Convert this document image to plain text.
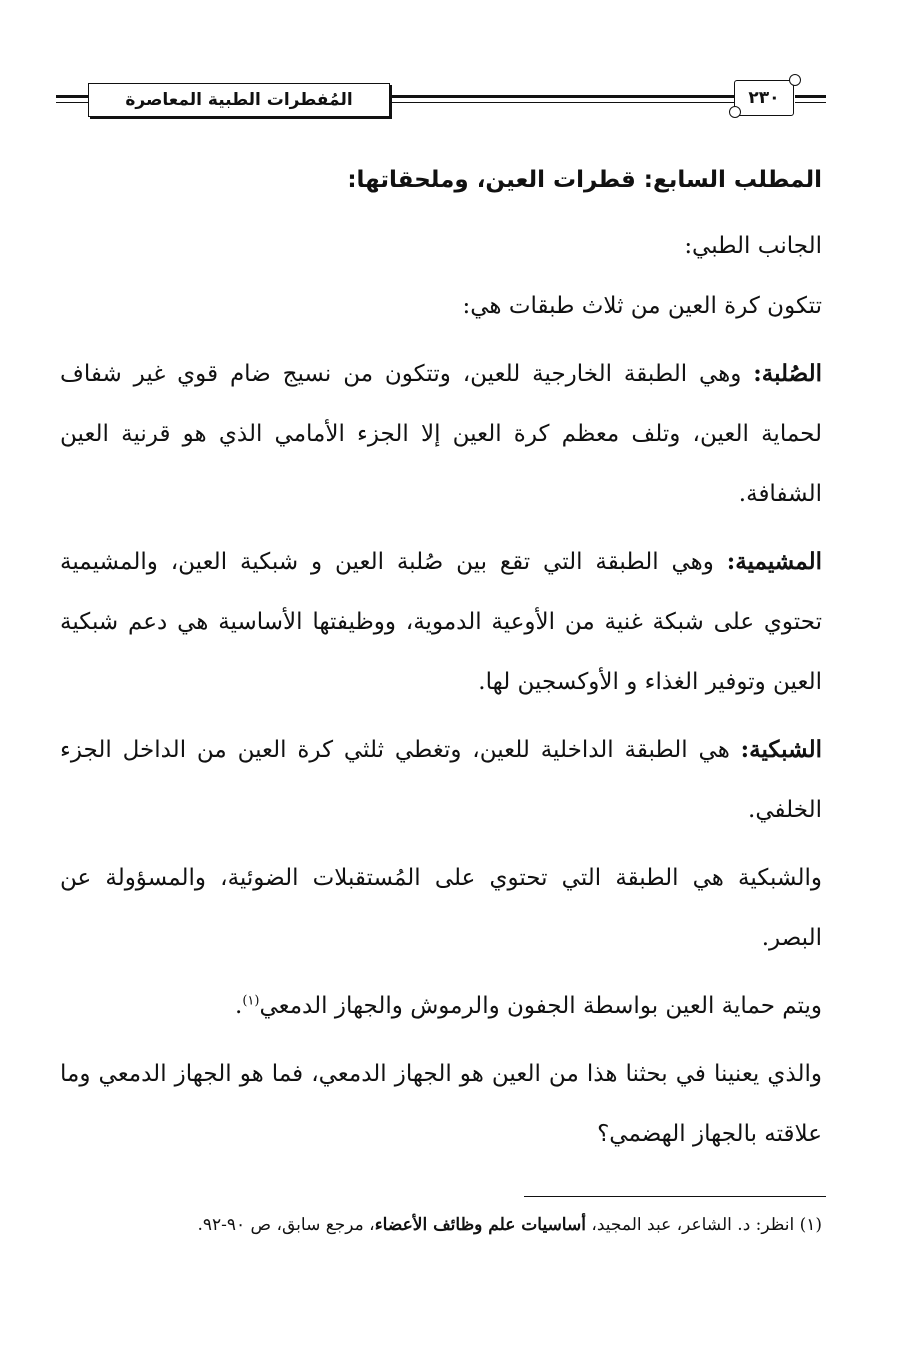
المُفطرات الطبية المعاصرة	٢٣٠
المطلب السابع: قطرات العين، وملحقاتها:

الجانب الطبي:

تتكون كرة العين من ثلاث طبقات هي:

الصُلبة: وهي الطبقة الخارجية للعين، وتتكون من نسيج ضام قوي غير شفاف لحماية العين، وتلف معظم كرة العين إلا الجزء الأمامي الذي هو قرنية العين الشفافة.

المشيمية: وهي الطبقة التي تقع بين صُلبة العين و شبكية العين، والمشيمية تحتوي على شبكة غنية من الأوعية الدموية، ووظيفتها الأساسية هي دعم شبكية العين وتوفير الغذاء و الأوكسجين لها.

الشبكية: هي الطبقة الداخلية للعين، وتغطي ثلثي كرة العين من الداخل الجزء الخلفي.

والشبكية هي الطبقة التي تحتوي على المُستقبلات الضوئية، والمسؤولة عن البصر.

ويتم حماية العين بواسطة الجفون والرموش والجهاز الدمعي$^{(١)}$.

والذي يعنينا في بحثنا هذا من العين هو الجهاز الدمعي، فما هو الجهاز الدمعي وما علاقته بالجهاز الهضمي؟

(١) انظر: د. الشاعر، عبد المجيد، أساسيات علم وظائف الأعضاء، مرجع سابق، ص ٩٠-٩٢.
